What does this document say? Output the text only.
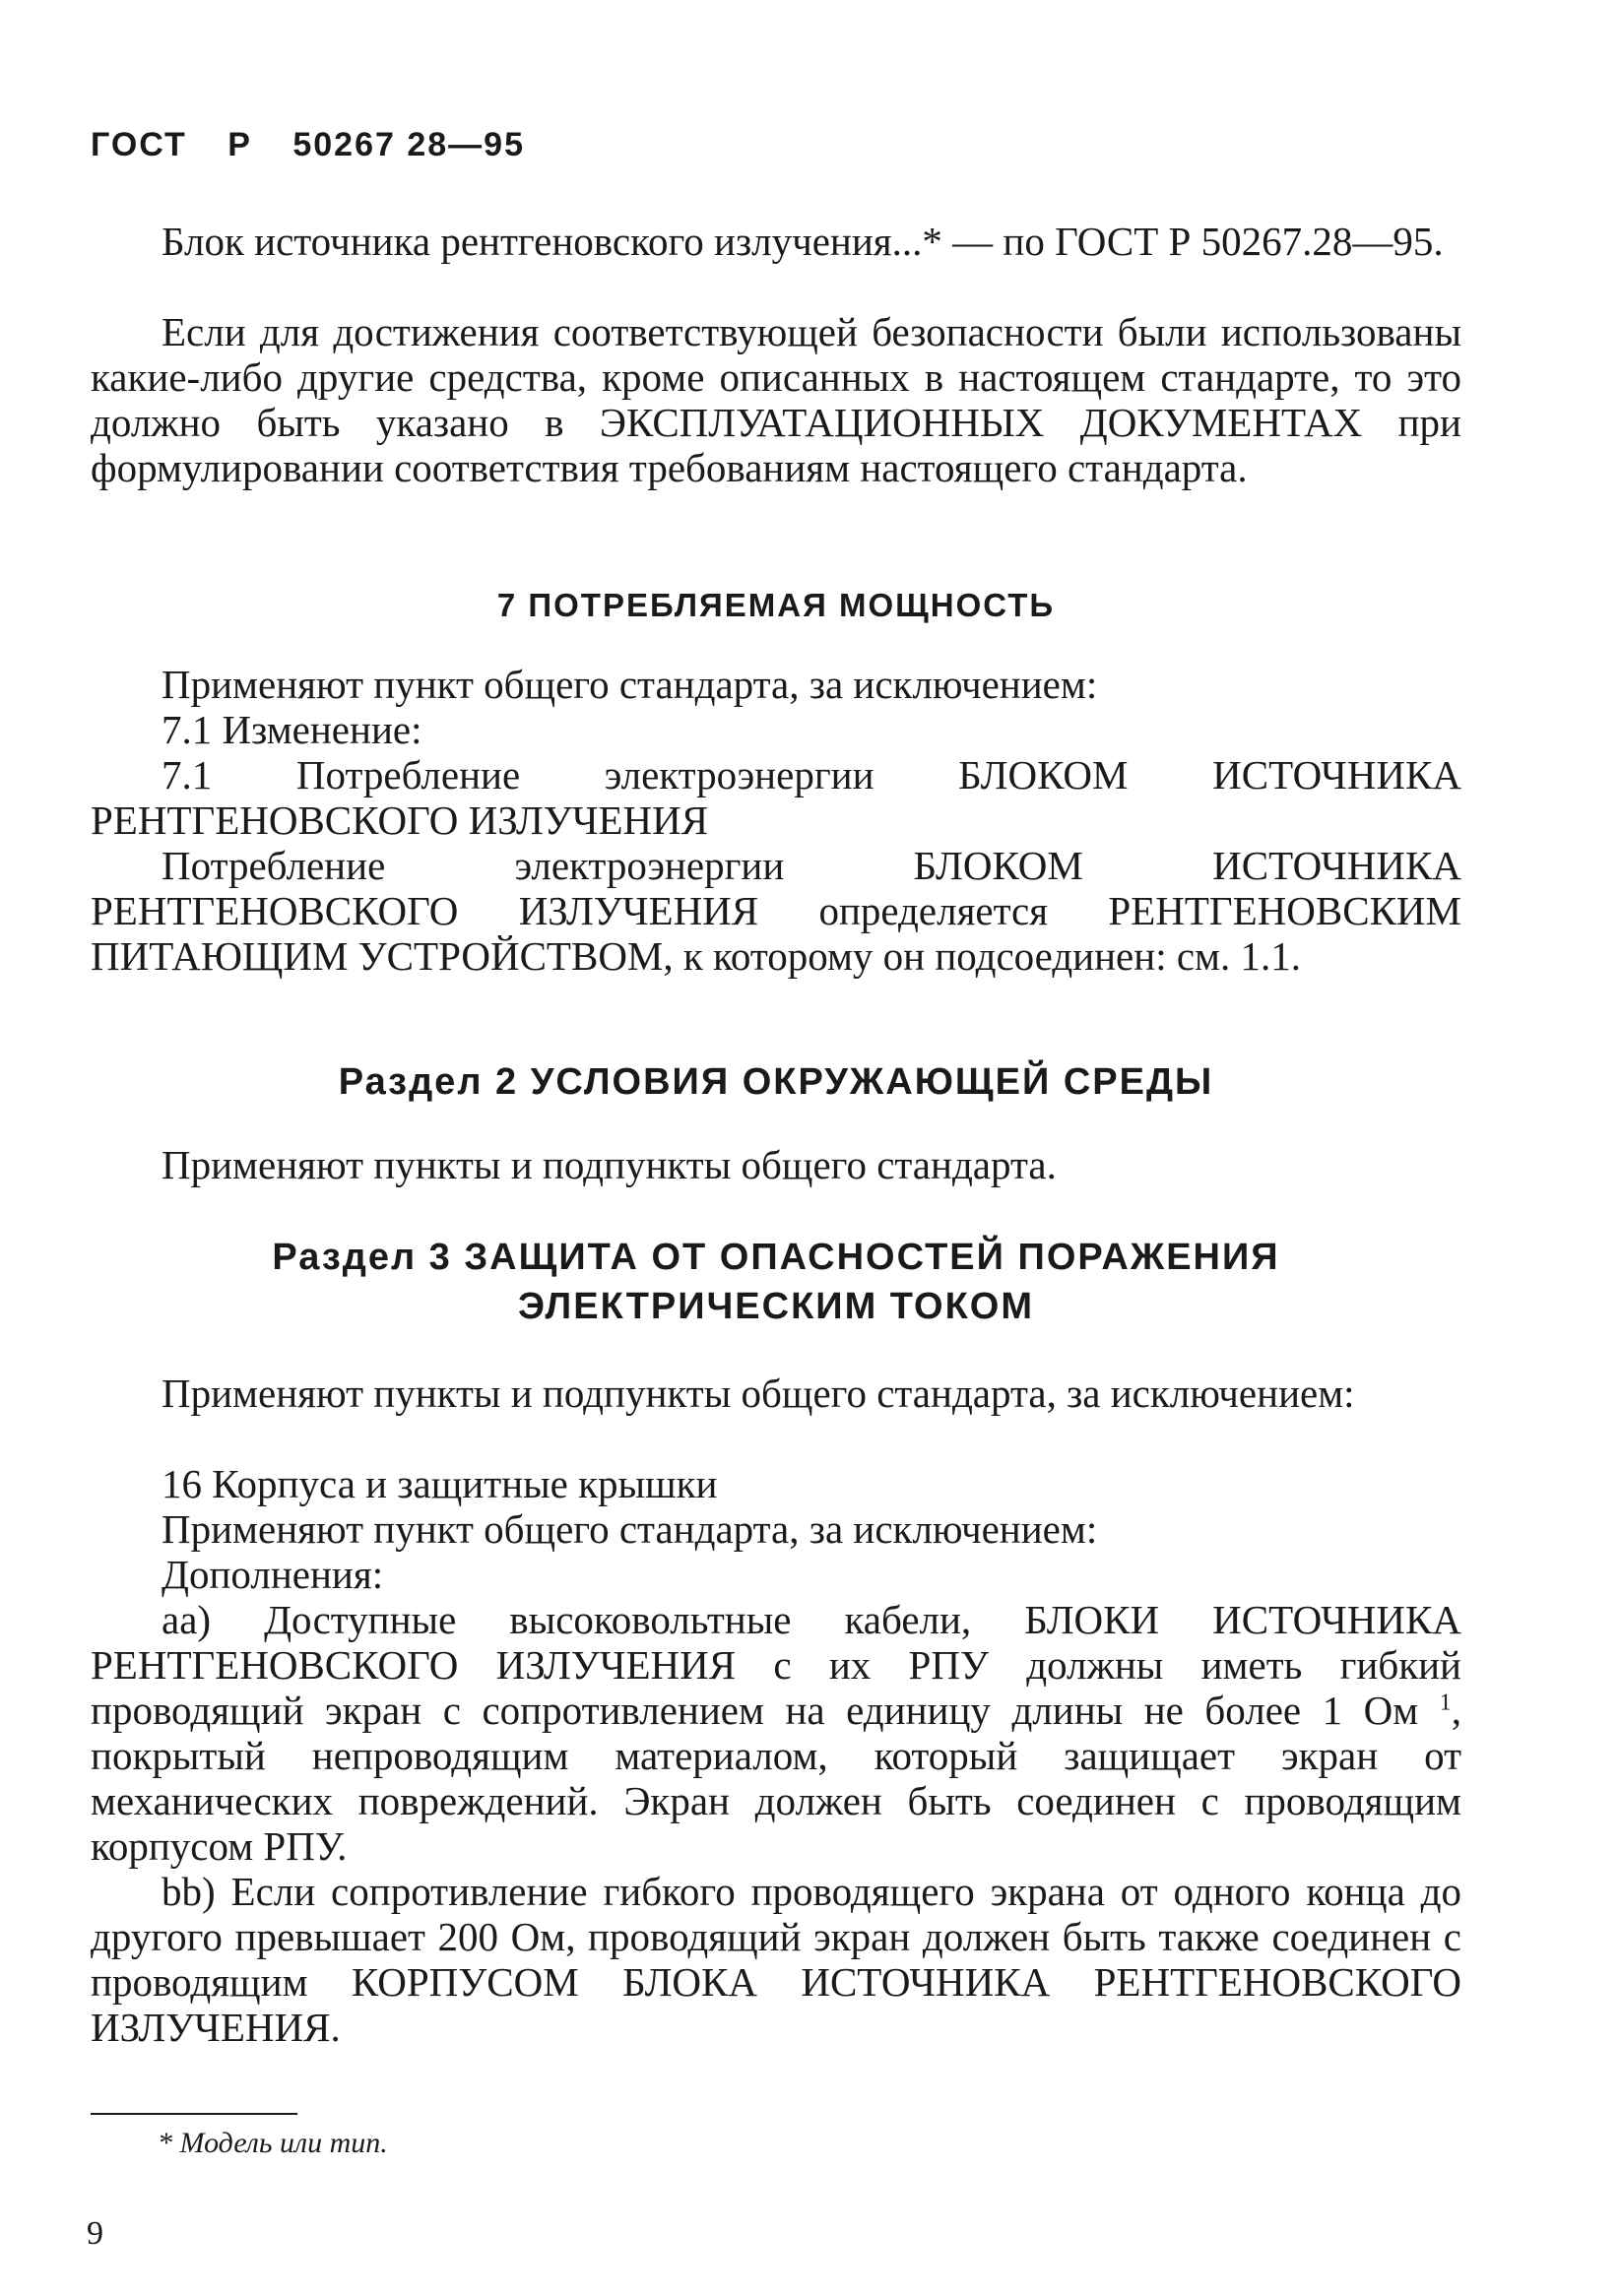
ГОСТ Р 50267 28—95
Блок источника рентгеновского излучения...* — по ГОСТ Р 50267.28—95.
Если для достижения соответствующей безопасности были использованы какие-либо другие средства, кроме описанных в настоящем стандарте, то это должно быть указано в ЭКСПЛУАТАЦИОННЫХ ДОКУМЕНТАХ при формулировании соответствия требованиям настоящего стандарта.
7 ПОТРЕБЛЯЕМАЯ МОЩНОСТЬ
Применяют пункт общего стандарта, за исключением:
7.1 Изменение:
7.1 Потребление электроэнергии БЛОКОМ ИСТОЧНИКА РЕНТГЕНОВСКОГО ИЗЛУЧЕНИЯ
Потребление электроэнергии БЛОКОМ ИСТОЧНИКА РЕНТГЕНОВСКОГО ИЗЛУЧЕНИЯ определяется РЕНТГЕНОВСКИМ ПИТАЮЩИМ УСТРОЙСТВОМ, к которому он подсоединен: см. 1.1.
Раздел 2 УСЛОВИЯ ОКРУЖАЮЩЕЙ СРЕДЫ
Применяют пункты и подпункты общего стандарта.
Раздел 3 ЗАЩИТА ОТ ОПАСНОСТЕЙ ПОРАЖЕНИЯ
ЭЛЕКТРИЧЕСКИМ ТОКОМ
Применяют пункты и подпункты общего стандарта, за исключением:
16 Корпуса и защитные крышки
Применяют пункт общего стандарта, за исключением:
Дополнения:
аа) Доступные высоковольтные кабели, БЛОКИ ИСТОЧНИКА РЕНТГЕНОВСКОГО ИЗЛУЧЕНИЯ с их РПУ должны иметь гибкий проводящий экран с сопротивлением на единицу длины не более 1 Ом $^1$, покрытый непроводящим материалом, который защищает экран от механических повреждений. Экран должен быть соединен с проводящим корпусом РПУ.
bb) Если сопротивление гибкого проводящего экрана от одного конца до другого превышает 200 Ом, проводящий экран должен быть также соединен с проводящим КОРПУСОМ БЛОКА ИСТОЧНИКА РЕНТГЕНОВСКОГО ИЗЛУЧЕНИЯ.
* Модель или тип.
9
